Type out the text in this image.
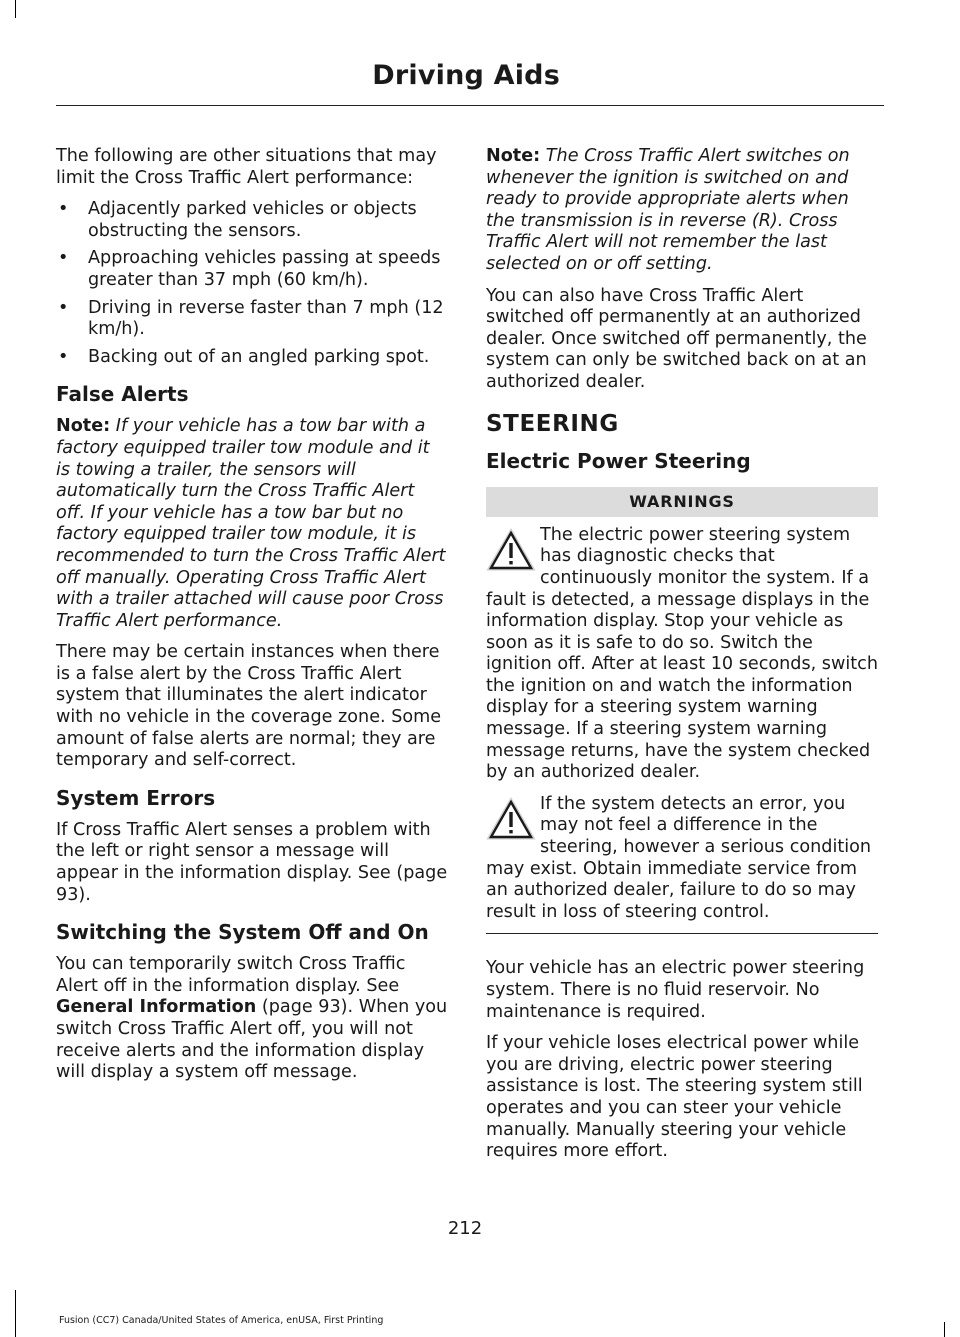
Driving Aids

The following are other situations that may limit the Cross Traffic Alert performance:

• Adjacently parked vehicles or objects obstructing the sensors.
• Approaching vehicles passing at speeds greater than 37 mph (60 km/h).
• Driving in reverse faster than 7 mph (12 km/h).
• Backing out of an angled parking spot.
False Alerts

Note: If your vehicle has a tow bar with a factory equipped trailer tow module and it is towing a trailer, the sensors will automatically turn the Cross Traffic Alert off. If your vehicle has a tow bar but no factory equipped trailer tow module, it is recommended to turn the Cross Traffic Alert off manually. Operating Cross Traffic Alert with a trailer attached will cause poor Cross Traffic Alert performance.

There may be certain instances when there is a false alert by the Cross Traffic Alert system that illuminates the alert indicator with no vehicle in the coverage zone. Some amount of false alerts are normal; they are temporary and self-correct.

System Errors

If Cross Traffic Alert senses a problem with the left or right sensor a message will appear in the information display. See (page 93).

Switching the System Off and On

You can temporarily switch Cross Traffic Alert off in the information display. See General Information (page 93). When you switch Cross Traffic Alert off, you will not receive alerts and the information display will display a system off message.

Note: The Cross Traffic Alert switches on whenever the ignition is switched on and ready to provide appropriate alerts when the transmission is in reverse (R). Cross Traffic Alert will not remember the last selected on or off setting.

You can also have Cross Traffic Alert switched off permanently at an authorized dealer. Once switched off permanently, the system can only be switched back on at an authorized dealer.

STEERING
Electric Power Steering
WARNINGS
The electric power steering system has diagnostic checks that continuously monitor the system. If a fault is detected, a message displays in the information display. Stop your vehicle as soon as it is safe to do so. Switch the ignition off. After at least 10 seconds, switch the ignition on and watch the information display for a steering system warning message. If a steering system warning message returns, have the system checked by an authorized dealer.
If the system detects an error, you may not feel a difference in the steering, however a serious condition may exist. Obtain immediate service from an authorized dealer, failure to do so may result in loss of steering control.

Your vehicle has an electric power steering system. There is no fluid reservoir. No maintenance is required.

If your vehicle loses electrical power while you are driving, electric power steering assistance is lost. The steering system still operates and you can steer your vehicle manually. Manually steering your vehicle requires more effort.

212
Fusion (CC7) Canada/United States of America, enUSA, First Printing
